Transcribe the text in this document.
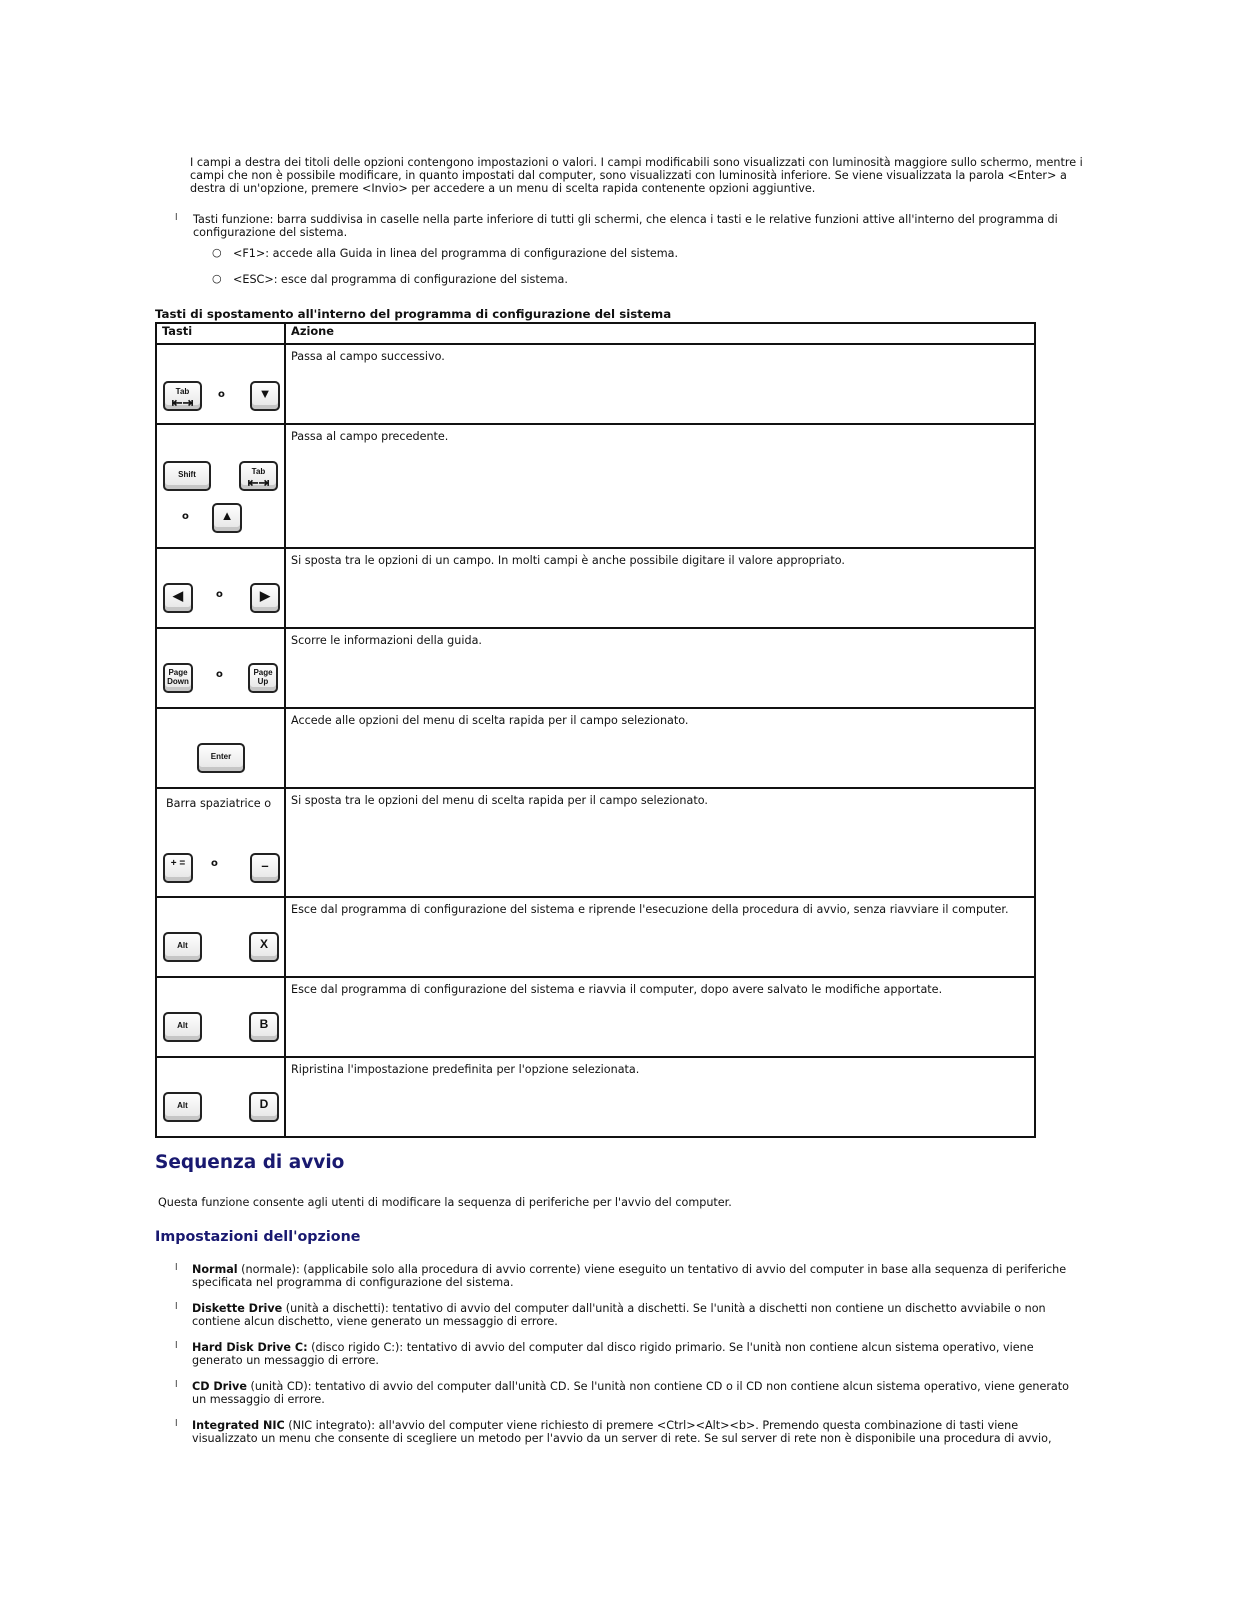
I campi a destra dei titoli delle opzioni contengono impostazioni o valori. I campi modificabili sono visualizzati con luminosità maggiore sullo schermo, mentre i campi che non è possibile modificare, in quanto impostati dal computer, sono visualizzati con luminosità inferiore. Se viene visualizzata la parola <Enter> a destra di un'opzione, premere <Invio> per accedere a un menu di scelta rapida contenente opzioni aggiuntive.
l	Tasti funzione: barra suddivisa in caselle nella parte inferiore di tutti gli schermi, che elenca i tasti e le relative funzioni attive all'interno del programma di configurazione del sistema.
○ <F1>: accede alla Guida in linea del programma di configurazione del sistema.
○ <ESC>: esce dal programma di configurazione del sistema.
Tasti di spostamento all'interno del programma di configurazione del sistema
Tasti	Azione

Tab
⇤⇥
o ▼	Passa al campo successivo.

Shift Tab
⇤⇥
o ▲	Passa al campo precedente.

◀ o ▶	Si sposta tra le opzioni di un campo. In molti campi è anche possibile digitare il valore appropriato.

Page Down
o Page Up	Scorre le informazioni della guida.

Enter	Accede alle opzioni del menu di scelta rapida per il campo selezionato.

Barra spaziatrice o
+ = o –	Si sposta tra le opzioni del menu di scelta rapida per il campo selezionato.

Alt X	Esce dal programma di configurazione del sistema e riprende l'esecuzione della procedura di avvio, senza riavviare il computer.

Alt B	Esce dal programma di configurazione del sistema e riavvia il computer, dopo avere salvato le modifiche apportate.

Alt D	Ripristina l'impostazione predefinita per l'opzione selezionata.
Sequenza di avvio
Questa funzione consente agli utenti di modificare la sequenza di periferiche per l'avvio del computer.
Impostazioni dell'opzione
l	Normal (normale): (applicabile solo alla procedura di avvio corrente) viene eseguito un tentativo di avvio del computer in base alla sequenza di periferiche specificata nel programma di configurazione del sistema.
l	Diskette Drive (unità a dischetti): tentativo di avvio del computer dall'unità a dischetti. Se l'unità a dischetti non contiene un dischetto avviabile o non contiene alcun dischetto, viene generato un messaggio di errore.
l	Hard Disk Drive C: (disco rigido C:): tentativo di avvio del computer dal disco rigido primario. Se l'unità non contiene alcun sistema operativo, viene generato un messaggio di errore.
l	CD Drive (unità CD): tentativo di avvio del computer dall'unità CD. Se l'unità non contiene CD o il CD non contiene alcun sistema operativo, viene generato un messaggio di errore.
l	Integrated NIC (NIC integrato): all'avvio del computer viene richiesto di premere <Ctrl><Alt><b>. Premendo questa combinazione di tasti viene visualizzato un menu che consente di scegliere un metodo per l'avvio da un server di rete. Se sul server di rete non è disponibile una procedura di avvio,
